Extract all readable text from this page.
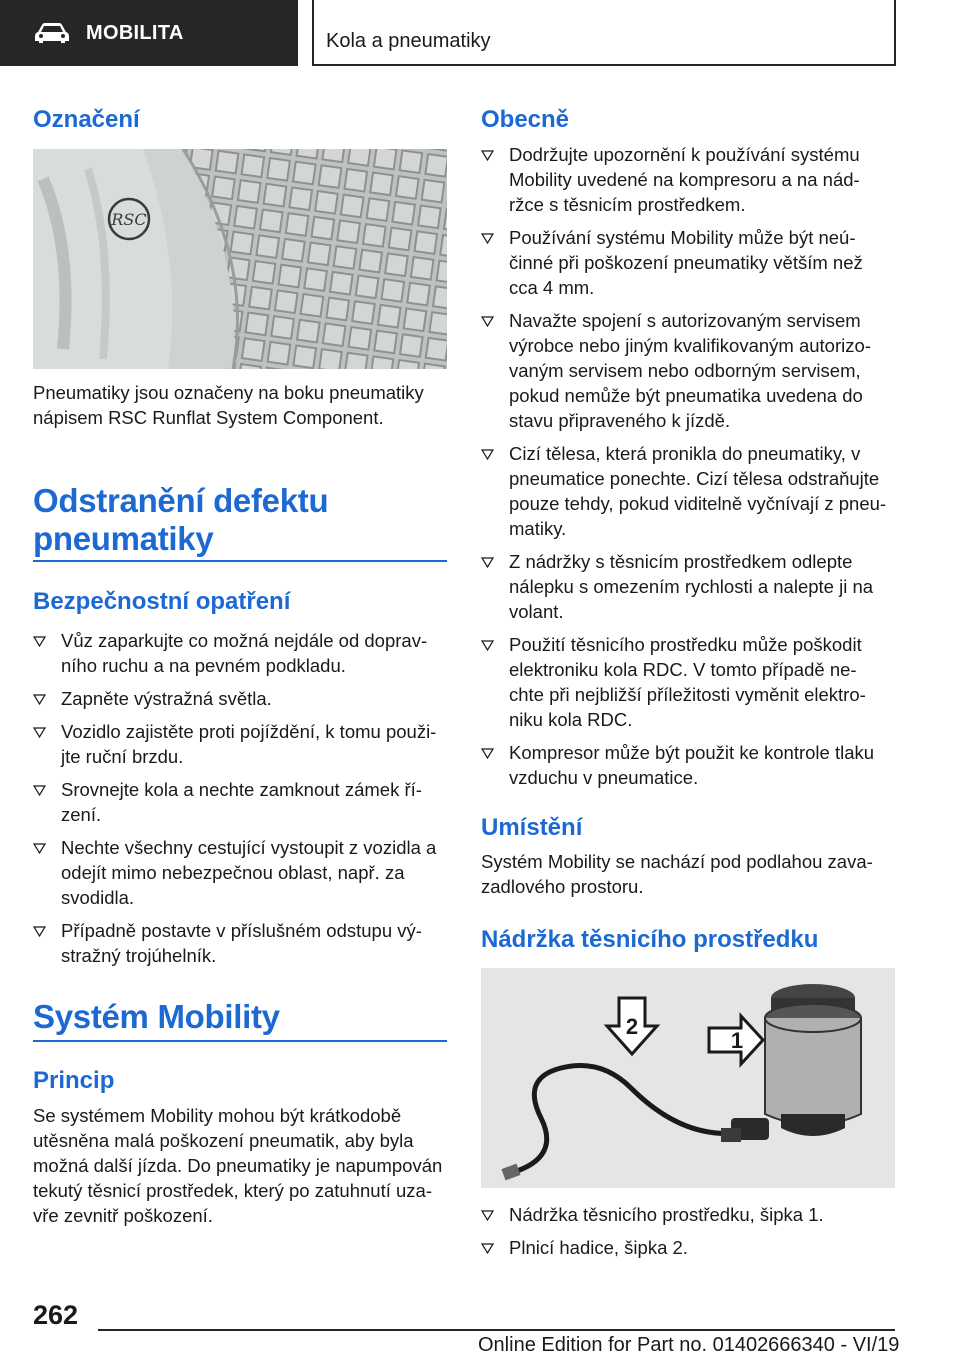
MOBILITA	Kola a pneumatiky
Označení
RSC
Pneumatiky jsou označeny na boku pneumatiky nápisem RSC Runflat System Component.
Odstranění defektu
pneumatiky
Bezpečnostní opatření
Vůz zaparkujte co možná nejdále od doprav-
ního ruchu a na pevném podkladu.
Zapněte výstražná světla.
Vozidlo zajistěte proti pojíždění, k tomu použi-
jte ruční brzdu.
Srovnejte kola a nechte zamknout zámek ří-
zení.
Nechte všechny cestující vystoupit z vozidla a
odejít mimo nebezpečnou oblast, např. za
svodidla.
Případně postavte v příslušném odstupu vý-
stražný trojúhelník.
Systém Mobility
Princip
Se systémem Mobility mohou být krátkodobě
utěsněna malá poškození pneumatik, aby byla
možná další jízda. Do pneumatiky je napumpován
tekutý těsnicí prostředek, který po zatuhnutí uza-
vře zevnitř poškození.
Obecně
Dodržujte upozornění k používání systému
Mobility uvedené na kompresoru a na nád-
ržce s těsnicím prostředkem.
Používání systému Mobility může být neú-
činné při poškození pneumatiky větším než
cca 4 mm.
Navažte spojení s autorizovaným servisem
výrobce nebo jiným kvalifikovaným autorizo-
vaným servisem nebo odborným servisem,
pokud nemůže být pneumatika uvedena do
stavu připraveného k jízdě.
Cizí tělesa, která pronikla do pneumatiky, v
pneumatice ponechte. Cizí tělesa odstraňujte
pouze tehdy, pokud viditelně vyčnívají z pneu-
matiky.
Z nádržky s těsnicím prostředkem odlepte
nálepku s omezením rychlosti a nalepte ji na
volant.
Použití těsnicího prostředku může poškodit
elektroniku kola RDC. V tomto případě ne-
chte při nejbližší příležitosti vyměnit elektro-
niku kola RDC.
Kompresor může být použit ke kontrole tlaku
vzduchu v pneumatice.
Umístění
Systém Mobility se nachází pod podlahou zava-
zadlového prostoru.
Nádržka těsnicího prostředku
1
2
Nádržka těsnicího prostředku, šipka 1.
Plnicí hadice, šipka 2.
262
Online Edition for Part no. 01402666340 - VI/19
